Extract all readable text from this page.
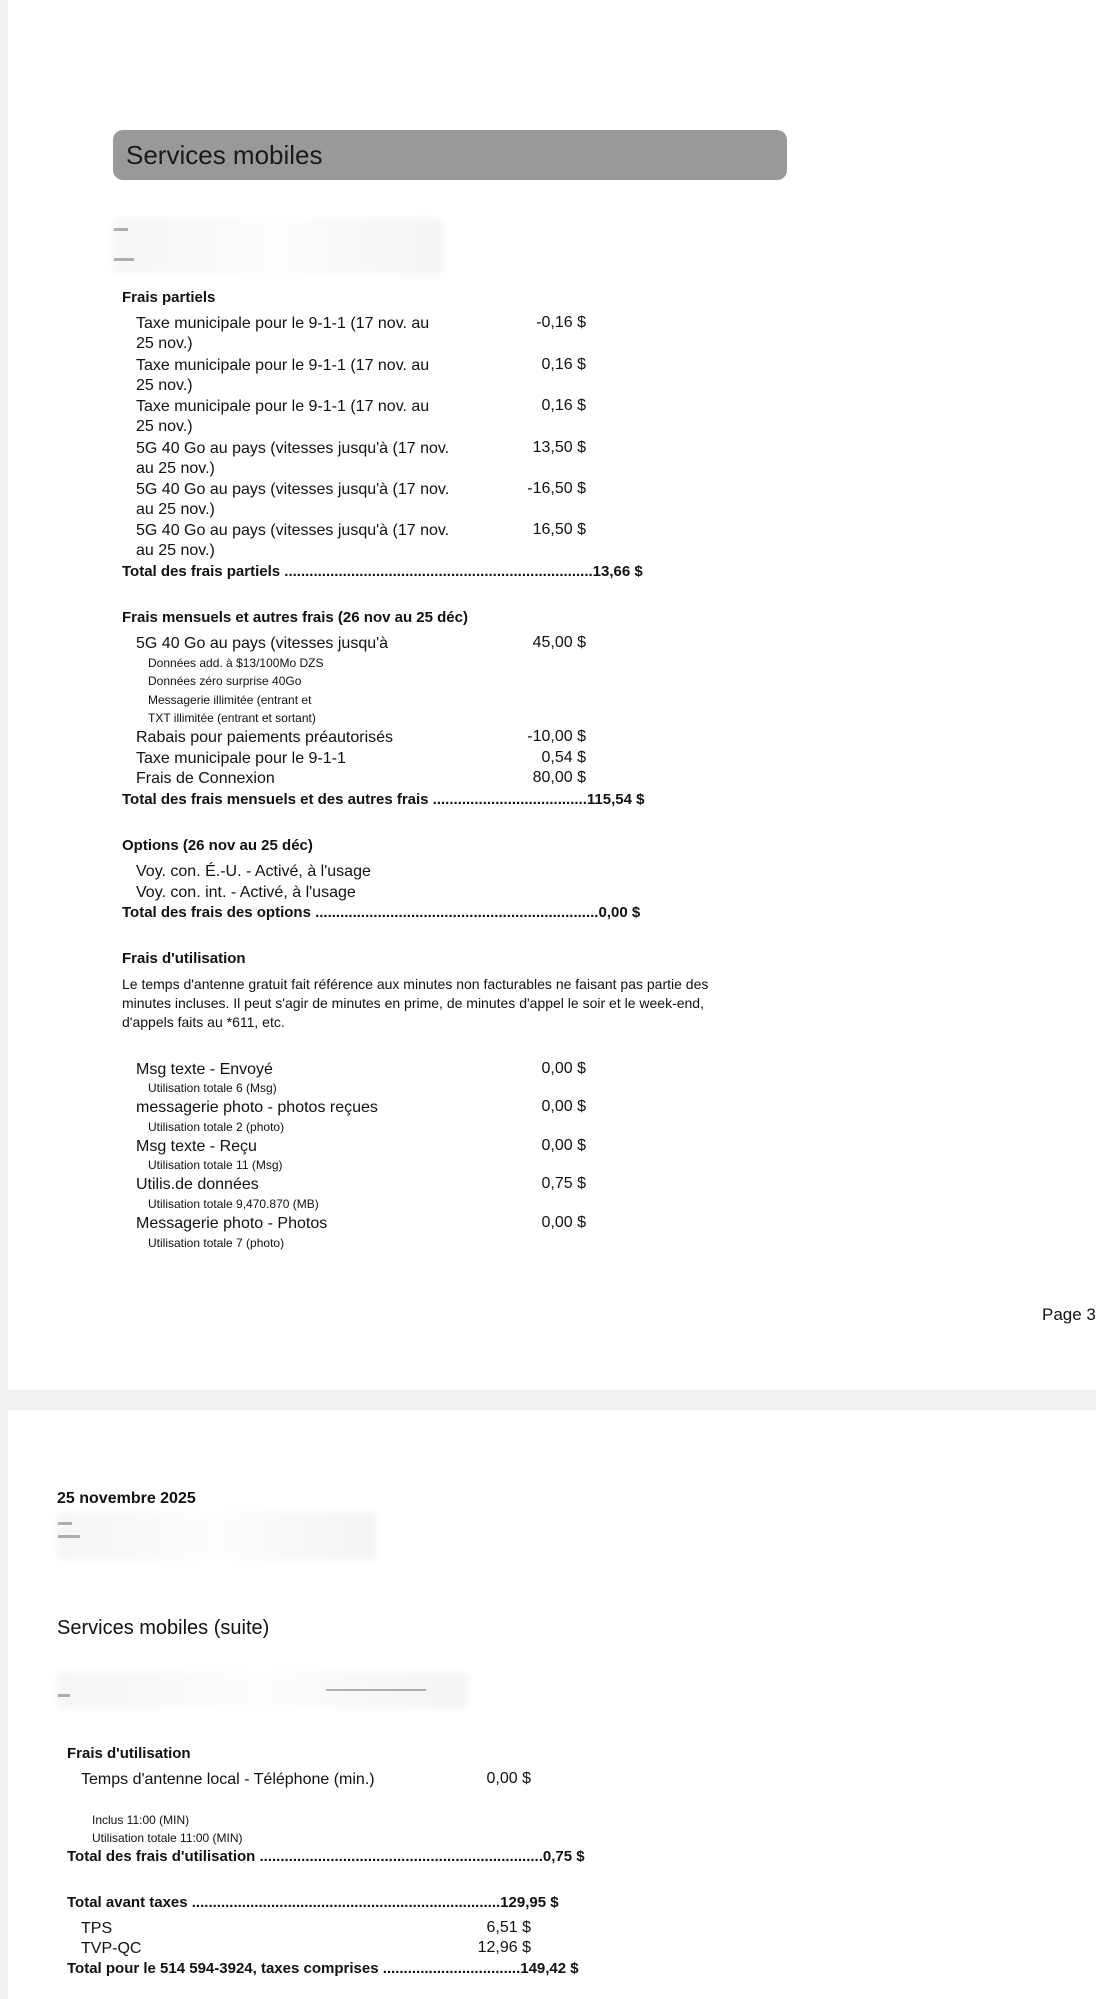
Services mobiles
Frais partiels
Taxe municipale pour le 9-1-1 (17 nov. au 25 nov.)
-0,16 $
Taxe municipale pour le 9-1-1 (17 nov. au 25 nov.)
0,16 $
Taxe municipale pour le 9-1-1 (17 nov. au 25 nov.)
0,16 $
5G 40 Go au pays (vitesses jusqu'à (17 nov. au 25 nov.)
13,50 $
5G 40 Go au pays (vitesses jusqu'à (17 nov. au 25 nov.)
-16,50 $
5G 40 Go au pays (vitesses jusqu'à (17 nov. au 25 nov.)
16,50 $
Total des frais partiels ..........................................................................13,66 $
Frais mensuels et autres frais (26 nov au 25 déc)
5G 40 Go au pays (vitesses jusqu'à	45,00 $
Données add. à $13/100Mo DZS
Données zéro surprise 40Go
Messagerie illimitée (entrant et
TXT illimitée (entrant et sortant)
Rabais pour paiements préautorisés	-10,00 $
Taxe municipale pour le 9-1-1	0,54 $
Frais de Connexion	80,00 $
Total des frais mensuels et des autres frais .....................................115,54 $
Options (26 nov au 25 déc)
Voy. con. É.-U. - Activé, à l'usage
Voy. con. int. - Activé, à l'usage
Total des frais des options ....................................................................0,00 $
Frais d'utilisation
Le temps d'antenne gratuit fait référence aux minutes non facturables ne faisant pas partie des minutes incluses. Il peut s'agir de minutes en prime, de minutes d'appel le soir et le week-end, d'appels faits au *611, etc.
Msg texte - Envoyé	0,00 $
Utilisation totale 6 (Msg)
messagerie photo - photos reçues	0,00 $
Utilisation totale 2 (photo)
Msg texte - Reçu	0,00 $
Utilisation totale 11 (Msg)
Utilis.de données	0,75 $
Utilisation totale 9,470.870 (MB)
Messagerie photo - Photos	0,00 $
Utilisation totale 7 (photo)
Page 3
25 novembre 2025
Services mobiles (suite)
Frais d'utilisation
Temps d'antenne local - Téléphone (min.)	0,00 $
Inclus 11:00 (MIN)
Utilisation totale 11:00 (MIN)
Total des frais d'utilisation ....................................................................0,75 $
Total avant taxes ..........................................................................129,95 $
TPS	6,51 $
TVP-QC	12,96 $
Total pour le 514 594-3924, taxes comprises .................................149,42 $
